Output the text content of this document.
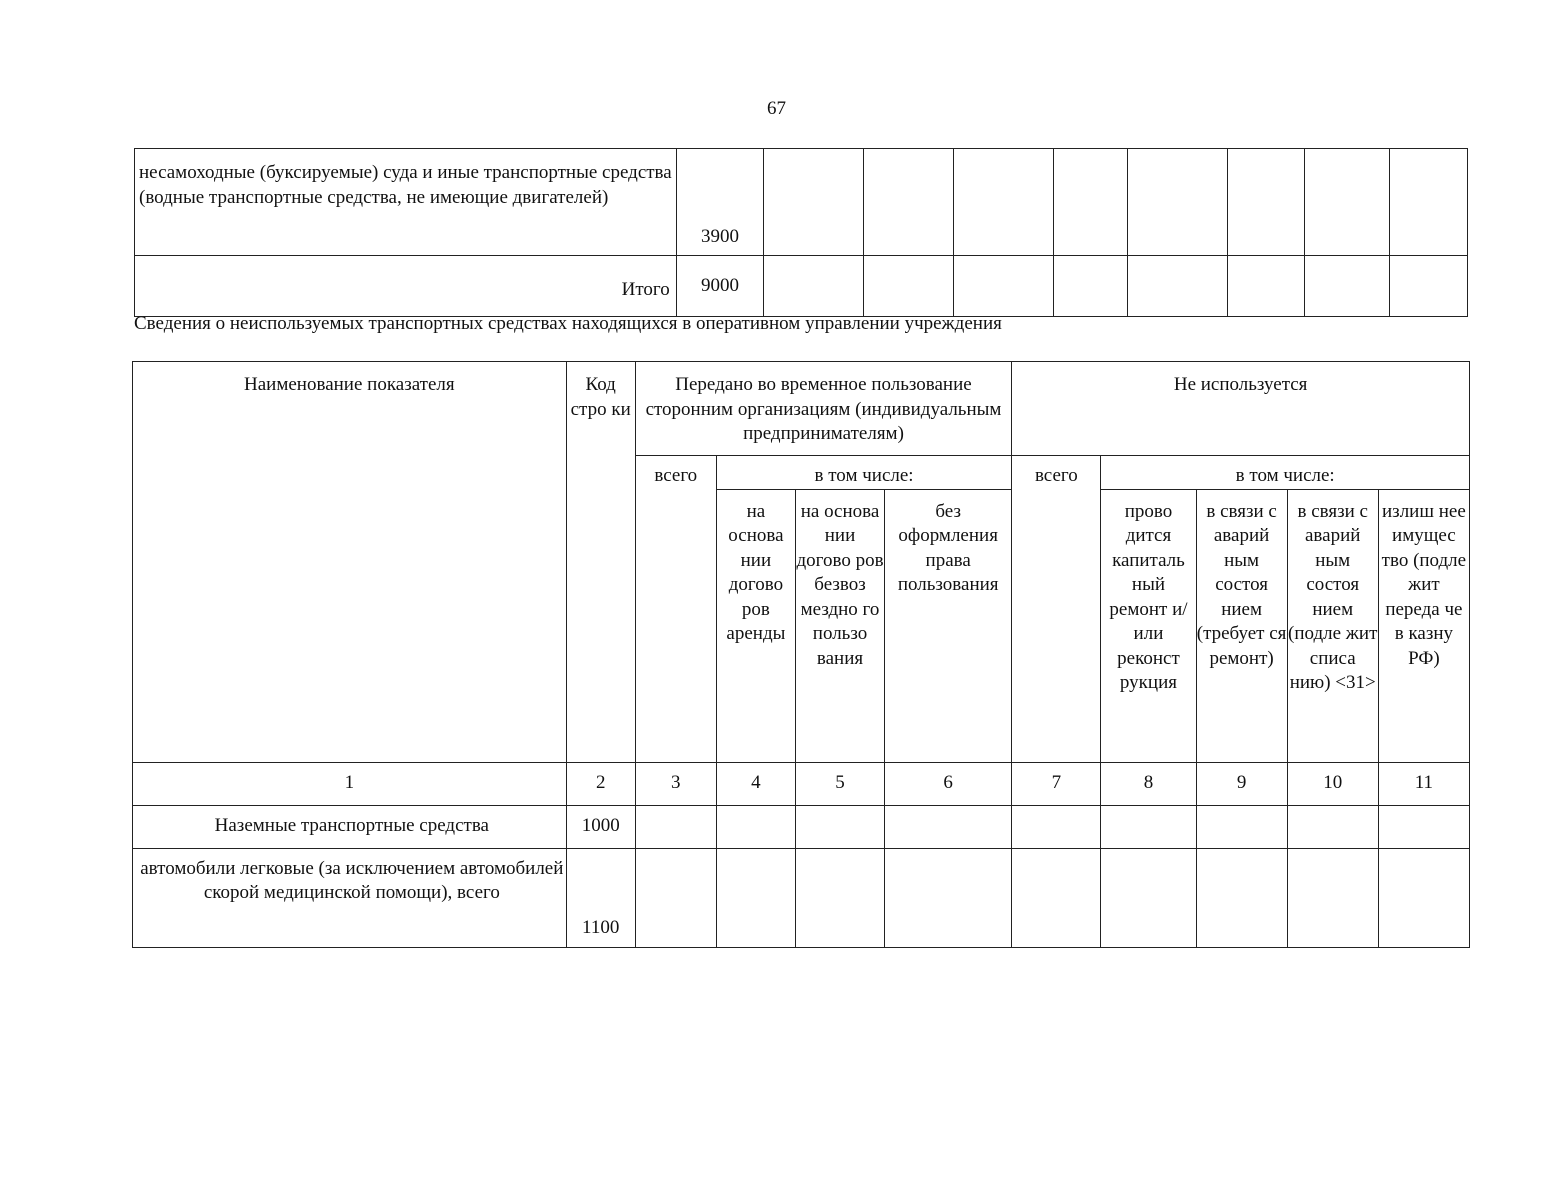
67
несамоходные (буксируемые) суда и иные транспортные средства (водные транспортные средства, не имеющие двигателей)	3900								
Итого	9000								
Сведения о неиспользуемых транспортных средствах находящихся в оперативном управлении учреждения
Наименование показателя	Код стро ки	Передано во временное пользование сторонним организациям (индивидуальным предпринимателям)				Не используется				
		всего	в том числе:			всего	в том числе:			
			на основа нии догово ров аренды	на основа нии догово ров безвоз мездно го пользо вания	без оформления права пользования		прово дится капиталь ный ремонт и/или реконст рукция	в связи с аварий ным состоя нием (требует ся ремонт)	в связи с аварий ным состоя нием (подле жит списа нию) <31>	излиш нее имущес тво (подле жит переда че в казну РФ)
1	2	3	4	5	6	7	8	9	10	11
Наземные транспортные средства	1000									
автомобили легковые (за исключением автомобилей скорой медицинской помощи), всего	1100									
